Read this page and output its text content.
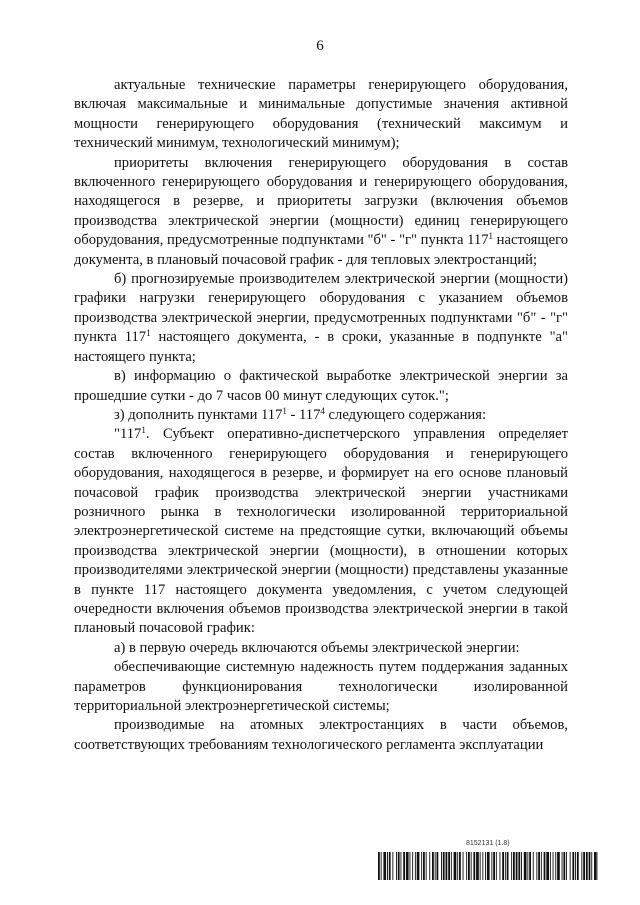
6

актуальные технические параметры генерирующего оборудования, включая максимальные и минимальные допустимые значения активной мощности генерирующего оборудования (технический максимум и технический минимум, технологический минимум);

приоритеты включения генерирующего оборудования в состав включенного генерирующего оборудования и генерирующего оборудования, находящегося в резерве, и приоритеты загрузки (включения объемов производства электрической энергии (мощности) единиц генерирующего оборудования, предусмотренные подпунктами "б" - "г" пункта $117^1$ настоящего документа, в плановый почасовой график - для тепловых электростанций;

б) прогнозируемые производителем электрической энергии (мощности) графики нагрузки генерирующего оборудования с указанием объемов производства электрической энергии, предусмотренных подпунктами "б" - "г" пункта $117^1$ настоящего документа, - в сроки, указанные в подпункте "а" настоящего пункта;

в) информацию о фактической выработке электрической энергии за прошедшие сутки - до 7 часов 00 минут следующих суток.";

з) дополнить пунктами $117^1 - 117^4$ следующего содержания:

"$117^1$. Субъект оперативно-диспетчерского управления определяет состав включенного генерирующего оборудования и генерирующего оборудования, находящегося в резерве, и формирует на его основе плановый почасовой график производства электрической энергии участниками розничного рынка в технологически изолированной территориальной электроэнергетической системе на предстоящие сутки, включающий объемы производства электрической энергии (мощности), в отношении которых производителями электрической энергии (мощности) представлены указанные в пункте 117 настоящего документа уведомления, с учетом следующей очередности включения объемов производства электрической энергии в такой плановый почасовой график:

а) в первую очередь включаются объемы электрической энергии:

обеспечивающие системную надежность путем поддержания заданных параметров функционирования технологически изолированной территориальной электроэнергетической системы;

производимые на атомных электростанциях в части объемов, соответствующих требованиям технологического регламента эксплуатации

8152131 (1.8)
